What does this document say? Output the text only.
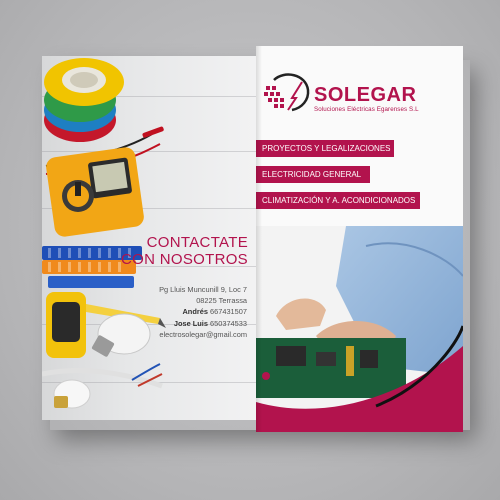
CONTACTATE
CON NOSOTROS
Pg Lluis Muncunill 9, Loc 7
08225 Terrassa
Andrés 667431507
Jose Luis 650374533
electrosolegar@gmail.com
SOLEGAR
Soluciones Eléctricas Egarenses S.L
PROYECTOS Y LEGALIZACIONES
ELECTRICIDAD GENERAL
CLIMATIZACIÓN Y A. ACONDICIONADOS
